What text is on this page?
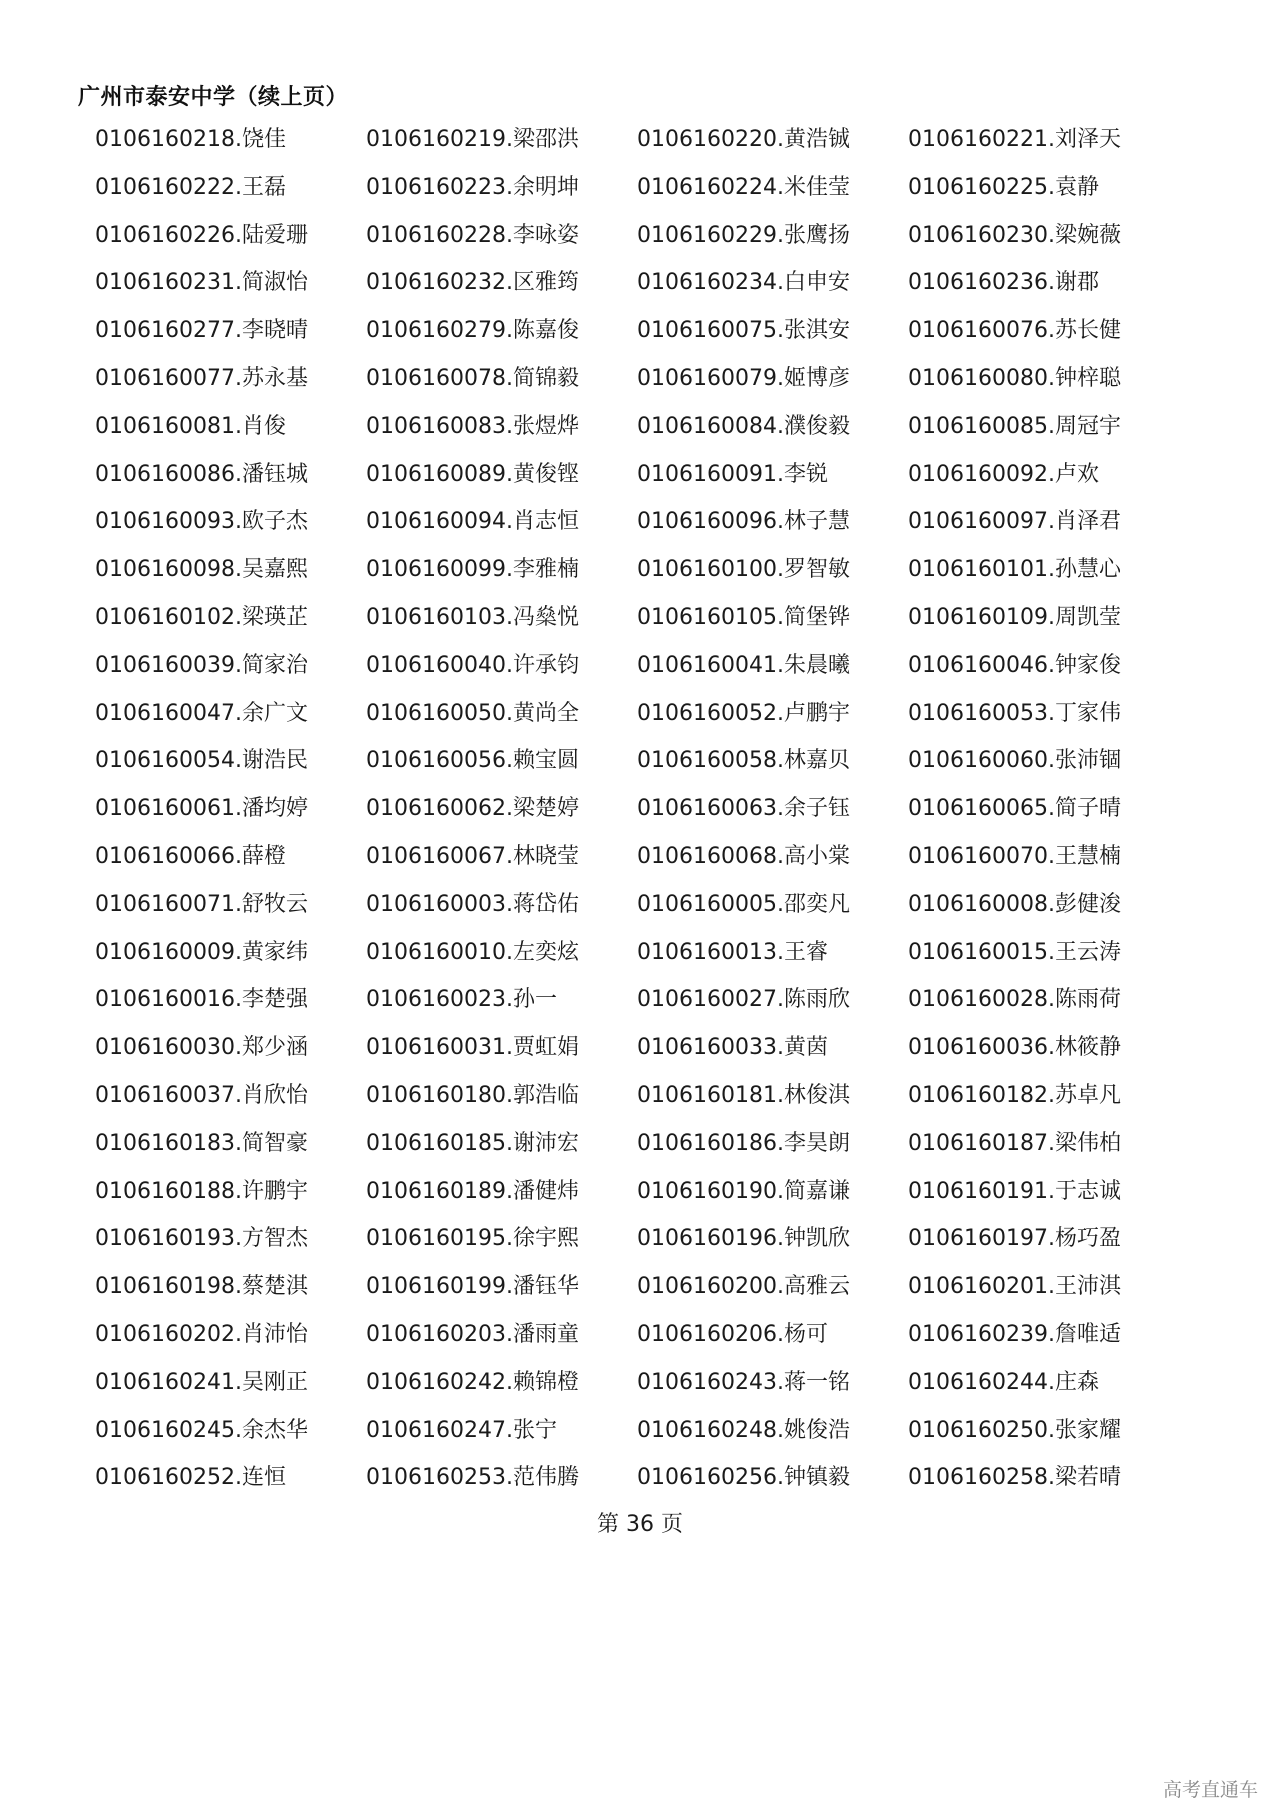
广州市泰安中学（续上页）
0106160218.饶佳	0106160219.梁邵洪	0106160220.黄浩铖	0106160221.刘泽天
0106160222.王磊	0106160223.余明坤	0106160224.米佳莹	0106160225.袁静
0106160226.陆爱珊	0106160228.李咏姿	0106160229.张鹰扬	0106160230.梁婉薇
0106160231.简淑怡	0106160232.区雅筠	0106160234.白申安	0106160236.谢郡
0106160277.李晓晴	0106160279.陈嘉俊	0106160075.张淇安	0106160076.苏长健
0106160077.苏永基	0106160078.简锦毅	0106160079.姬博彦	0106160080.钟梓聪
0106160081.肖俊	0106160083.张煜烨	0106160084.濮俊毅	0106160085.周冠宇
0106160086.潘钰城	0106160089.黄俊铿	0106160091.李锐	0106160092.卢欢
0106160093.欧子杰	0106160094.肖志恒	0106160096.林子慧	0106160097.肖泽君
0106160098.吴嘉熙	0106160099.李雅楠	0106160100.罗智敏	0106160101.孙慧心
0106160102.梁瑛芷	0106160103.冯燊悦	0106160105.简堡铧	0106160109.周凯莹
0106160039.简家治	0106160040.许承钧	0106160041.朱晨曦	0106160046.钟家俊
0106160047.余广文	0106160050.黄尚全	0106160052.卢鹏宇	0106160053.丁家伟
0106160054.谢浩民	0106160056.赖宝圆	0106160058.林嘉贝	0106160060.张沛锢
0106160061.潘均婷	0106160062.梁楚婷	0106160063.余子钰	0106160065.简子晴
0106160066.薛橙	0106160067.林晓莹	0106160068.高小棠	0106160070.王慧楠
0106160071.舒牧云	0106160003.蒋岱佑	0106160005.邵奕凡	0106160008.彭健浚
0106160009.黄家纬	0106160010.左奕炫	0106160013.王睿	0106160015.王云涛
0106160016.李楚强	0106160023.孙一	0106160027.陈雨欣	0106160028.陈雨荷
0106160030.郑少涵	0106160031.贾虹娟	0106160033.黄茵	0106160036.林筱静
0106160037.肖欣怡	0106160180.郭浩临	0106160181.林俊淇	0106160182.苏卓凡
0106160183.简智豪	0106160185.谢沛宏	0106160186.李昊朗	0106160187.梁伟柏
0106160188.许鹏宇	0106160189.潘健炜	0106160190.简嘉谦	0106160191.于志诚
0106160193.方智杰	0106160195.徐宇熙	0106160196.钟凯欣	0106160197.杨巧盈
0106160198.蔡楚淇	0106160199.潘钰华	0106160200.高雅云	0106160201.王沛淇
0106160202.肖沛怡	0106160203.潘雨童	0106160206.杨可	0106160239.詹唯适
0106160241.吴刚正	0106160242.赖锦橙	0106160243.蒋一铭	0106160244.庄森
0106160245.余杰华	0106160247.张宁	0106160248.姚俊浩	0106160250.张家耀
0106160252.连恒	0106160253.范伟腾	0106160256.钟镇毅	0106160258.梁若晴
第 36 页
高考直通车
